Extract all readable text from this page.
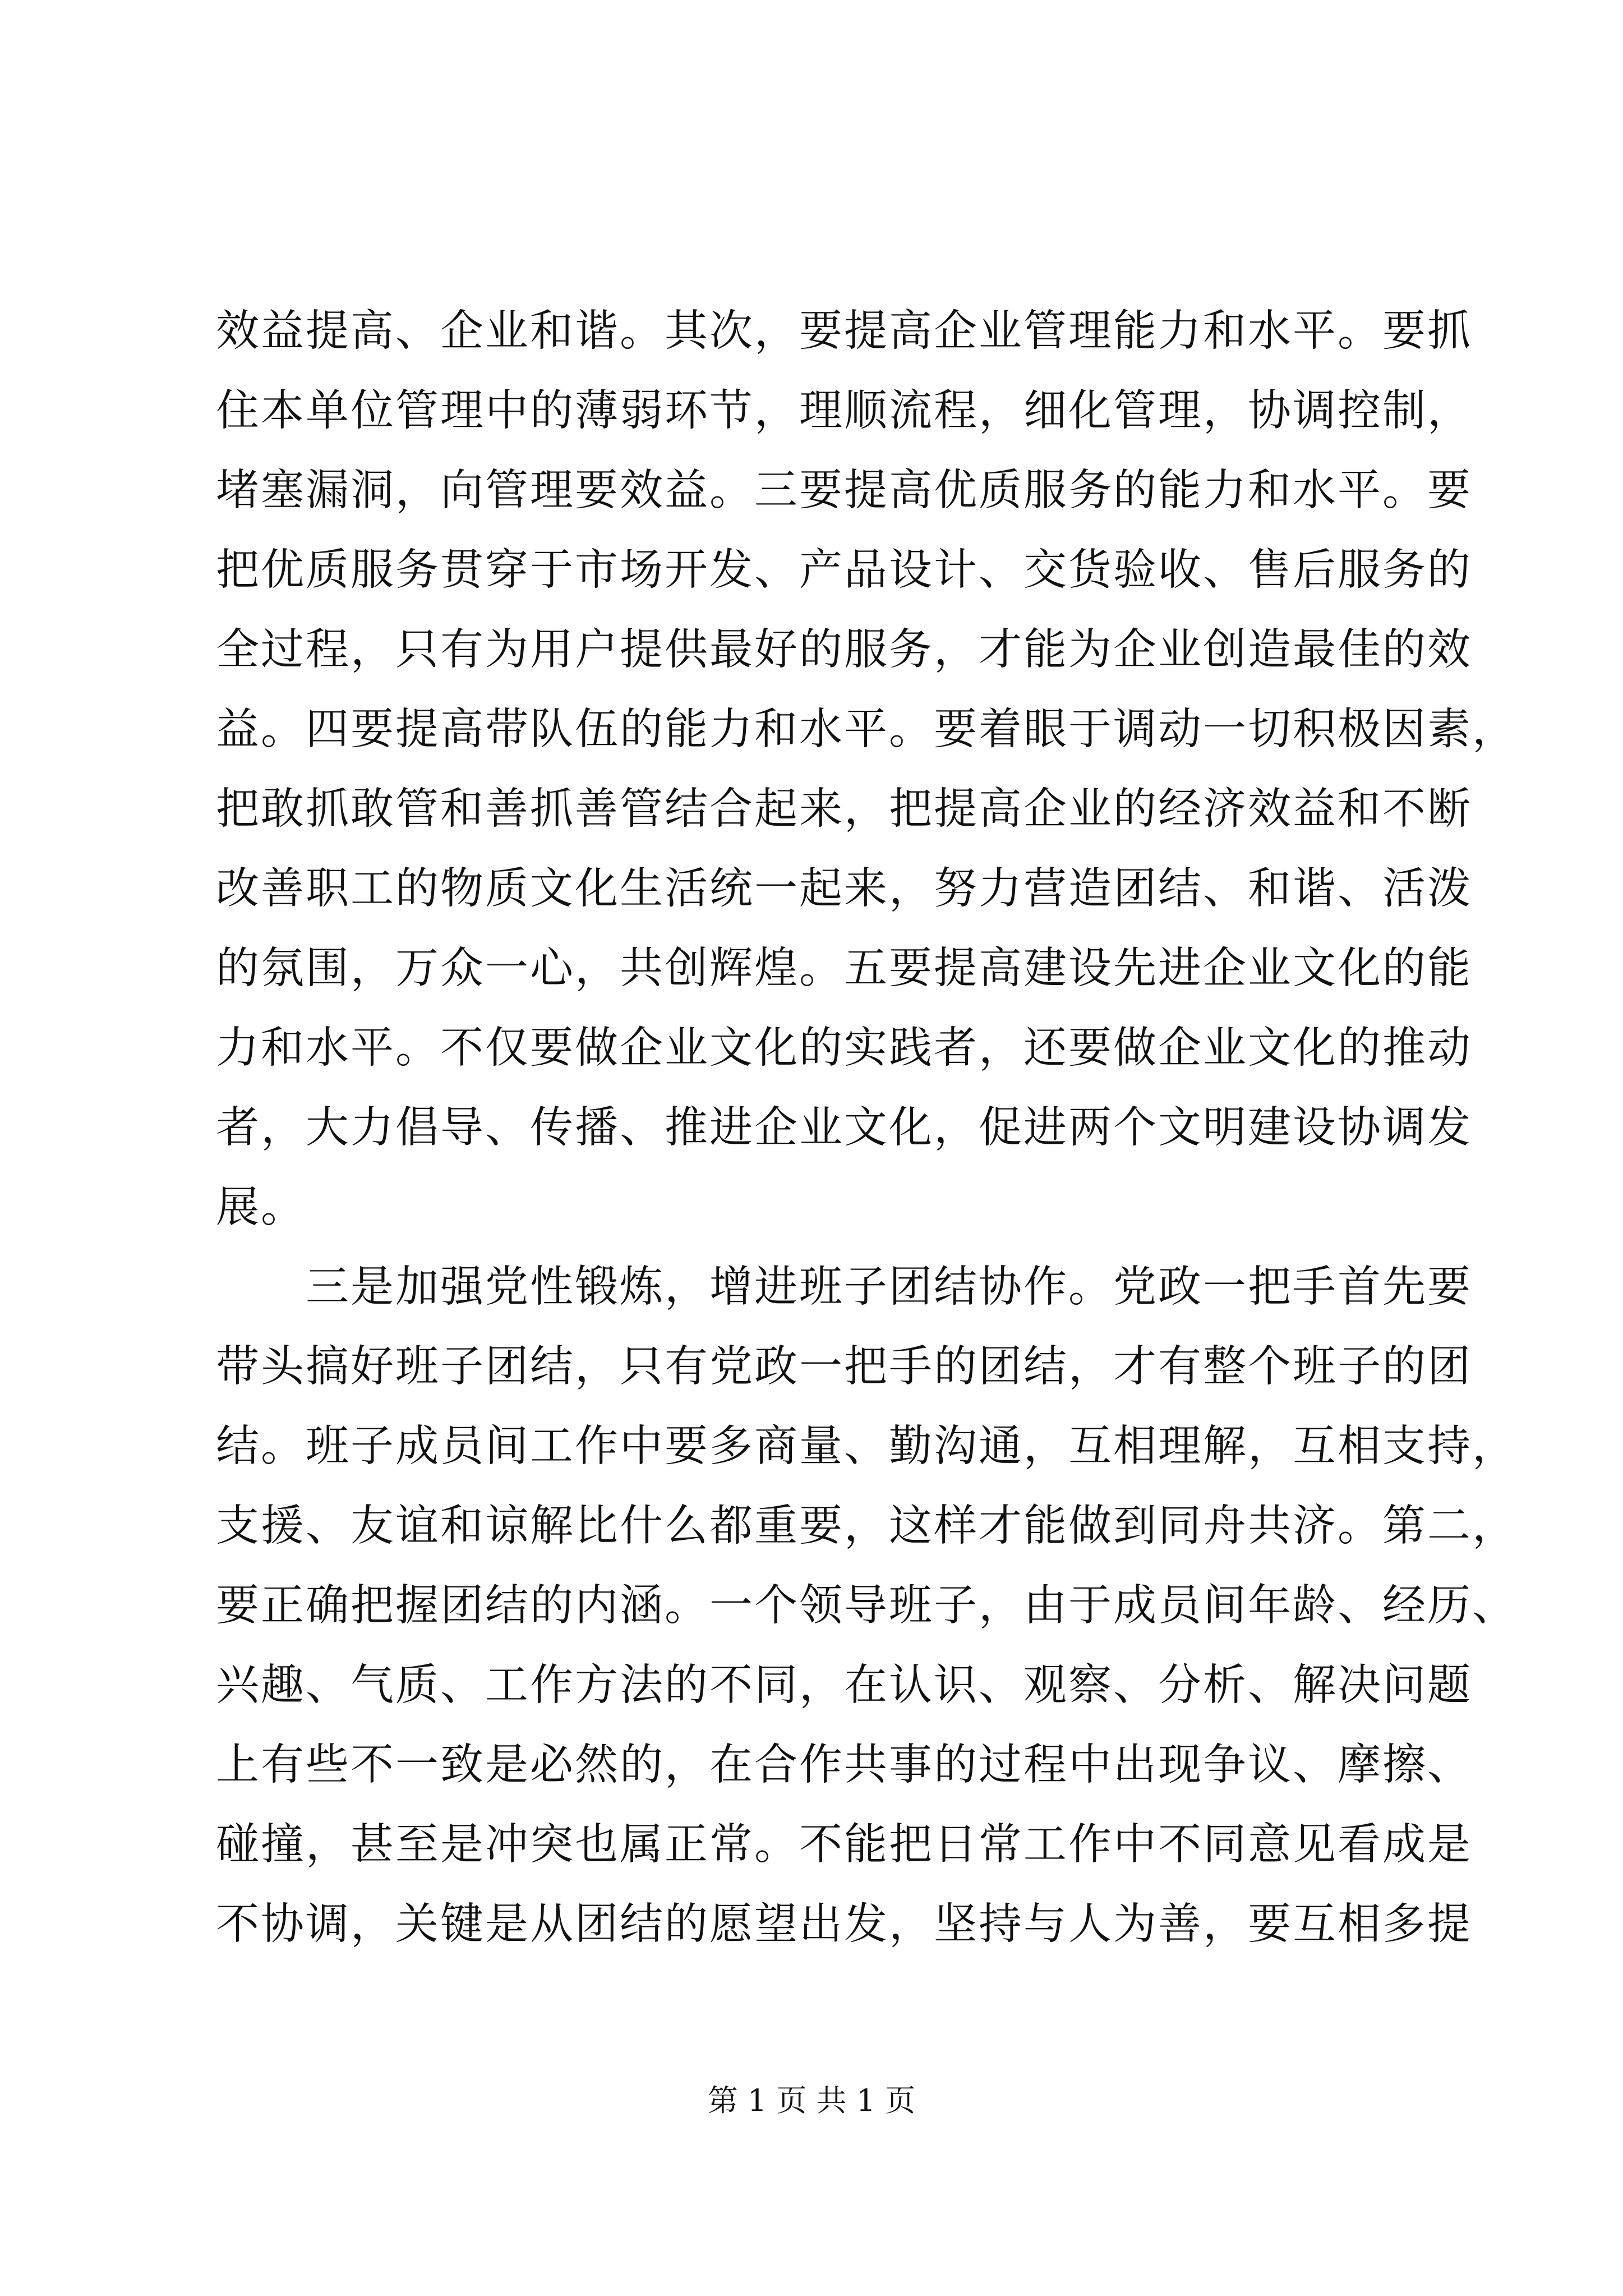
效益提高、企业和谐。其次，要提高企业管理能力和水平。要抓
住本单位管理中的薄弱环节，理顺流程，细化管理，协调控制，
堵塞漏洞，向管理要效益。三要提高优质服务的能力和水平。要
把优质服务贯穿于市场开发、产品设计、交货验收、售后服务的
全过程，只有为用户提供最好的服务，才能为企业创造最佳的效
益。四要提高带队伍的能力和水平。要着眼于调动一切积极因素，
把敢抓敢管和善抓善管结合起来，把提高企业的经济效益和不断
改善职工的物质文化生活统一起来，努力营造团结、和谐、活泼
的氛围，万众一心，共创辉煌。五要提高建设先进企业文化的能
力和水平。不仅要做企业文化的实践者，还要做企业文化的推动
者，大力倡导、传播、推进企业文化，促进两个文明建设协调发
展。
三是加强党性锻炼，增进班子团结协作。党政一把手首先要
带头搞好班子团结，只有党政一把手的团结，才有整个班子的团
结。班子成员间工作中要多商量、勤沟通，互相理解，互相支持，
支援、友谊和谅解比什么都重要，这样才能做到同舟共济。第二，
要正确把握团结的内涵。一个领导班子，由于成员间年龄、经历、
兴趣、气质、工作方法的不同，在认识、观察、分析、解决问题
上有些不一致是必然的，在合作共事的过程中出现争议、摩擦、
碰撞，甚至是冲突也属正常。不能把日常工作中不同意见看成是
不协调，关键是从团结的愿望出发，坚持与人为善，要互相多提
第 1 页 共 1 页
